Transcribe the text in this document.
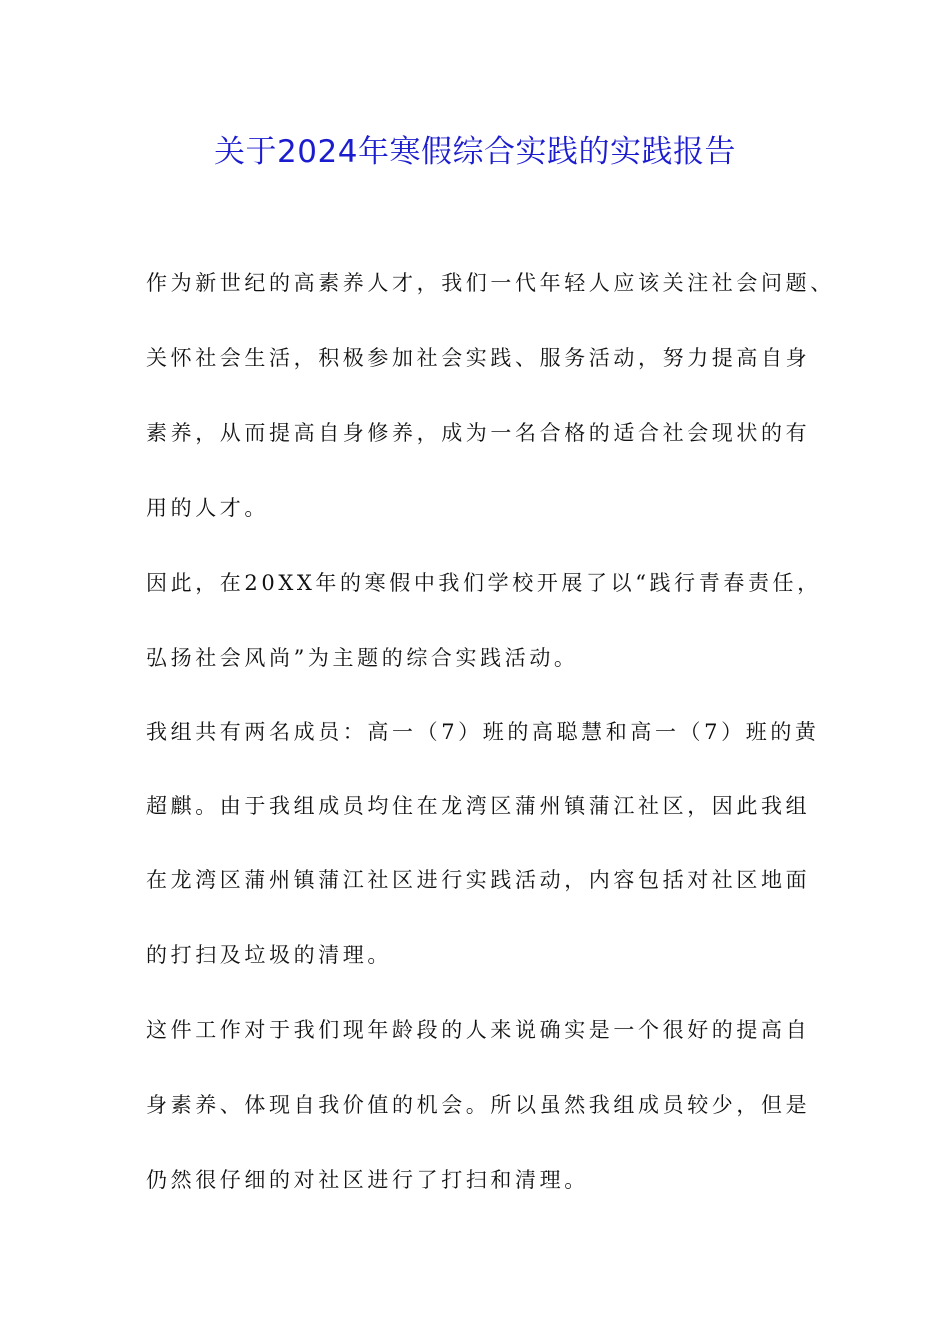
关于2024年寒假综合实践的实践报告

作为新世纪的高素养人才，我们一代年轻人应该关注社会问题、

关怀社会生活，积极参加社会实践、服务活动，努力提高自身

素养，从而提高自身修养，成为一名合格的适合社会现状的有

用的人才。

因此，在20XX年的寒假中我们学校开展了以“践行青春责任，

弘扬社会风尚”为主题的综合实践活动。

我组共有两名成员：高一（7）班的高聪慧和高一（7）班的黄

超麒。由于我组成员均住在龙湾区蒲州镇蒲江社区，因此我组

在龙湾区蒲州镇蒲江社区进行实践活动，内容包括对社区地面

的打扫及垃圾的清理。

这件工作对于我们现年龄段的人来说确实是一个很好的提高自

身素养、体现自我价值的机会。所以虽然我组成员较少，但是

仍然很仔细的对社区进行了打扫和清理。
